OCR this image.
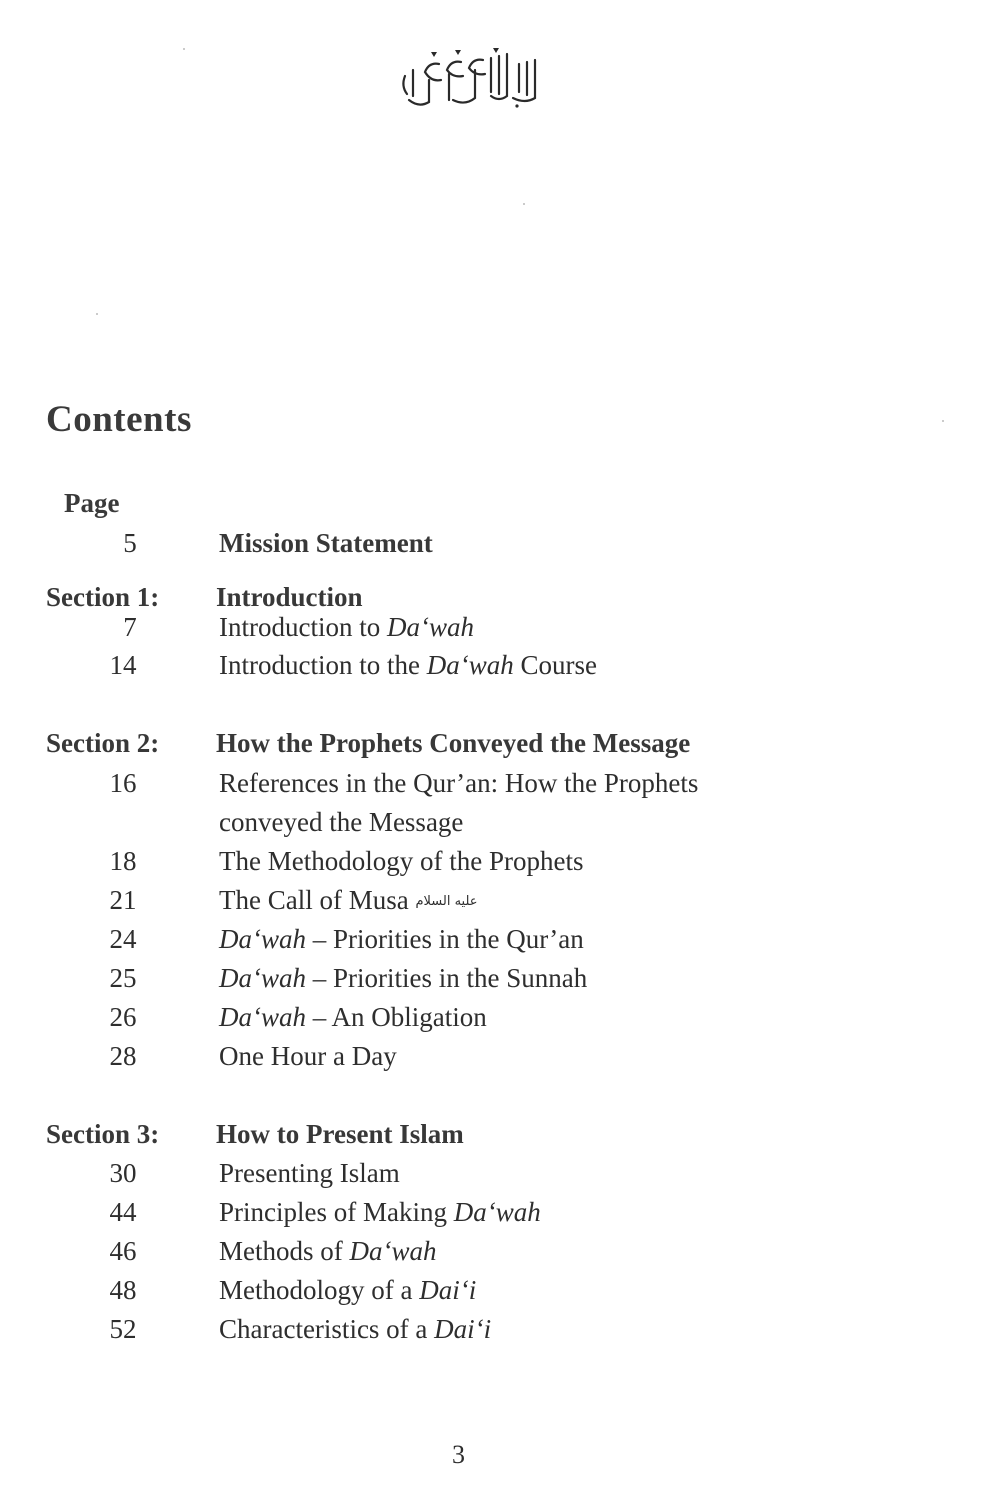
Contents
Page
5	Mission Statement
Section 1: Introduction
7	Introduction to Da‘wah
14	Introduction to the Da‘wah Course
Section 2: How the Prophets Conveyed the Message
16	References in the Qur’an: How the Prophets
conveyed the Message
18	The Methodology of the Prophets
21	The Call of Musa عليه السلام
24	Da‘wah – Priorities in the Qur’an
25	Da‘wah – Priorities in the Sunnah
26	Da‘wah – An Obligation
28	One Hour a Day
Section 3: How to Present Islam
30	Presenting Islam
44	Principles of Making Da‘wah
46	Methods of Da‘wah
48	Methodology of a Dai‘i
52	Characteristics of a Dai‘i
3
